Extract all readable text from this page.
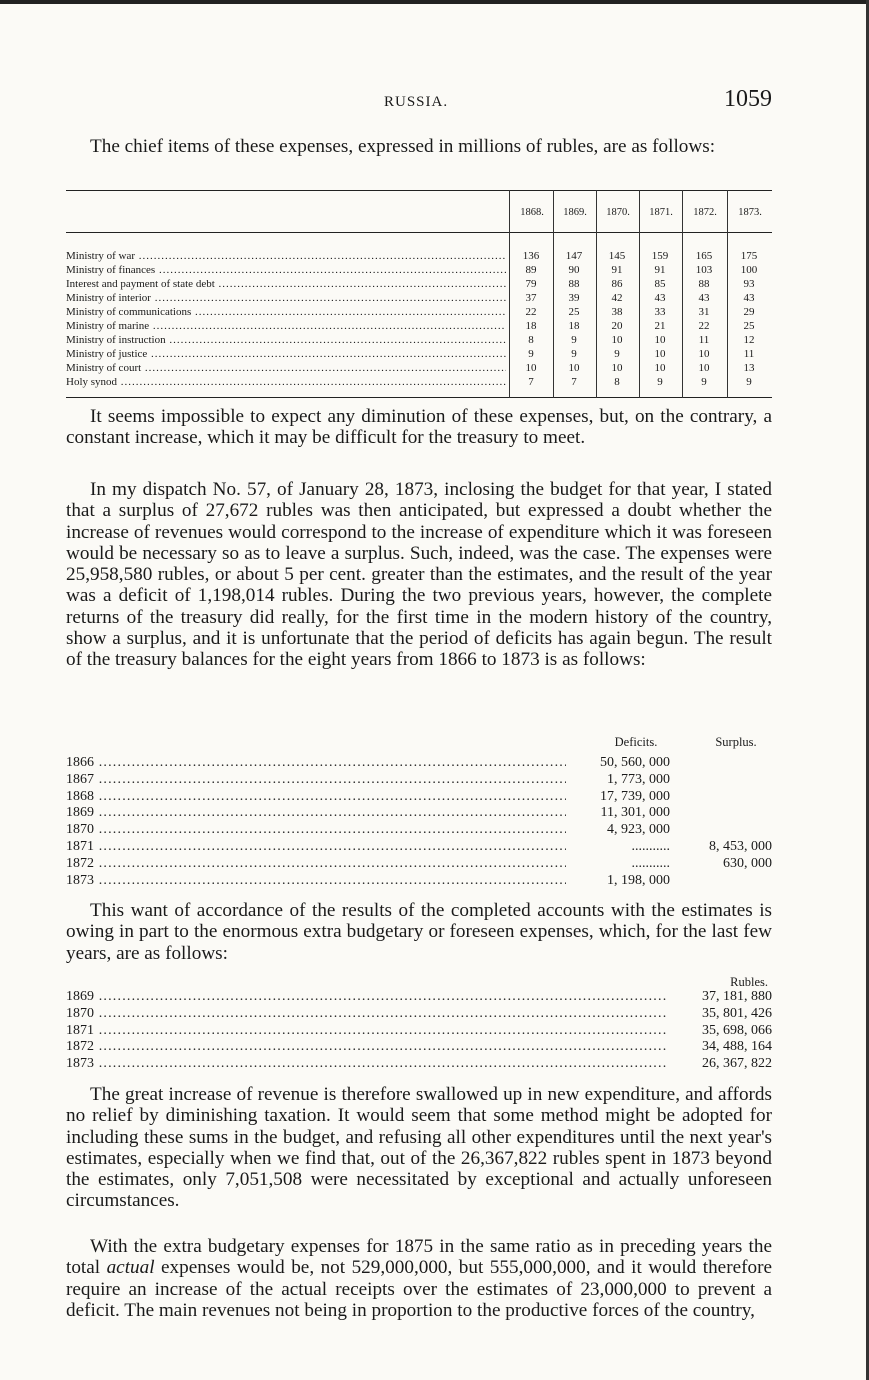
RUSSIA.	1059

The chief items of these expenses, expressed in millions of rubles, are as follows:

1868.	1869.	1870.	1871.	1872.	1873.
Ministry of war .....	136	147	145	159	165	175
Ministry of finances .....	89	90	91	91	103	100
Interest and payment of state debt .....	79	88	86	85	88	93
Ministry of interior .....	37	39	42	43	43	43
Ministry of communications .....	22	25	38	33	31	29
Ministry of marine .....	18	18	20	21	22	25
Ministry of instruction .....	8	9	10	10	11	12
Ministry of justice .....	9	9	9	10	10	11
Ministry of court .....	10	10	10	10	10	13
Holy synod .....	7	7	8	9	9	9

It seems impossible to expect any diminution of these expenses, but, on the contrary, a constant increase, which it may be difficult for the treasury to meet.

In my dispatch No. 57, of January 28, 1873, inclosing the budget for that year, I stated that a surplus of 27,672 rubles was then anticipated, but expressed a doubt whether the increase of revenues would correspond to the increase of expenditure which it was foreseen would be necessary so as to leave a surplus. Such, indeed, was the case. The expenses were 25,958,580 rubles, or about 5 per cent. greater than the estimates, and the result of the year was a deficit of 1,198,014 rubles. During the two previous years, however, the complete returns of the treasury did really, for the first time in the modern history of the country, show a surplus, and it is unfortunate that the period of deficits has again begun. The result of the treasury balances for the eight years from 1866 to 1873 is as follows:

Deficits.	Surplus.
1866 .....	50, 560, 000
1867 .....	1, 773, 000
1868 .....	17, 739, 000
1869 .....	11, 301, 000
1870 .....	4, 923, 000
1871 .....	...........	8, 453, 000
1872 .....	...........	630, 000
1873 .....	1, 198, 000

This want of accordance of the results of the completed accounts with the estimates is owing in part to the enormous extra budgetary or foreseen expenses, which, for the last few years, are as follows:

Rubles.
1869 .....	37, 181, 880
1870 .....	35, 801, 426
1871 .....	35, 698, 066
1872 .....	34, 488, 164
1873 .....	26, 367, 822

The great increase of revenue is therefore swallowed up in new expenditure, and affords no relief by diminishing taxation. It would seem that some method might be adopted for including these sums in the budget, and refusing all other expenditures until the next year's estimates, especially when we find that, out of the 26,367,822 rubles spent in 1873 beyond the estimates, only 7,051,508 were necessitated by exceptional and actually unforeseen circumstances.

With the extra budgetary expenses for 1875 in the same ratio as in preceding years the total actual expenses would be, not 529,000,000, but 555,000,000, and it would therefore require an increase of the actual receipts over the estimates of 23,000,000 to prevent a deficit. The main revenues not being in proportion to the productive forces of the country,
